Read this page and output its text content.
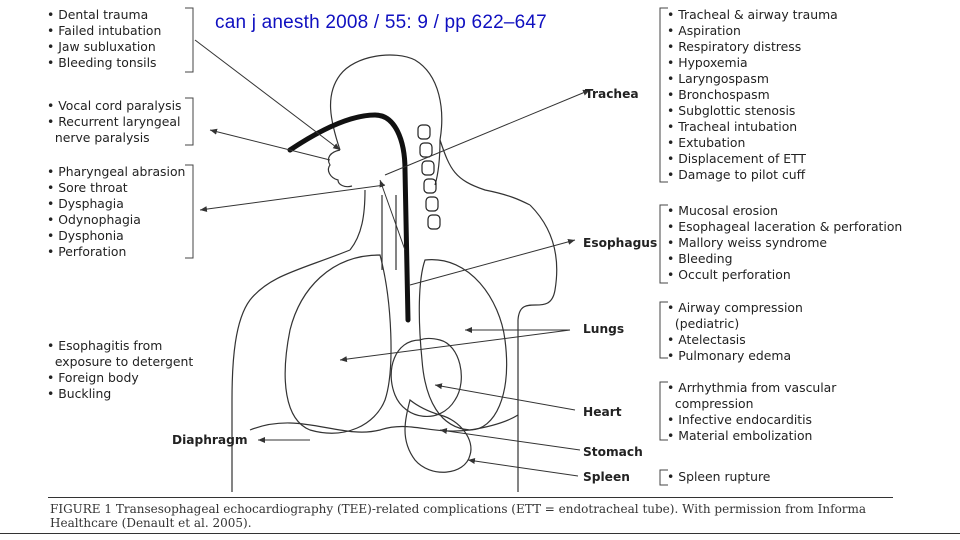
can j anesth 2008 / 55: 9 / pp 622–647
• Dental trauma
• Failed intubation
• Jaw subluxation
• Bleeding tonsils
• Vocal cord paralysis
• Recurrent laryngeal
nerve paralysis
• Pharyngeal abrasion
• Sore throat
• Dysphagia
• Odynophagia
• Dysphonia
• Perforation
• Esophagitis from
exposure to detergent
• Foreign body
• Buckling
Trachea
Esophagus
Lungs
Heart
Stomach
Spleen
Diaphragm
• Tracheal & airway trauma
• Aspiration
• Respiratory distress
• Hypoxemia
• Laryngospasm
• Bronchospasm
• Subglottic stenosis
• Tracheal intubation
• Extubation
• Displacement of ETT
• Damage to pilot cuff
• Mucosal erosion
• Esophageal laceration & perforation
• Mallory weiss syndrome
• Bleeding
• Occult perforation
• Airway compression
(pediatric)
• Atelectasis
• Pulmonary edema
• Arrhythmia from vascular
compression
• Infective endocarditis
• Material embolization
• Spleen rupture
FIGURE 1 Transesophageal echocardiography (TEE)-related complications (ETT = endotracheal tube). With permission from Informa
Healthcare (Denault et al. 2005).
